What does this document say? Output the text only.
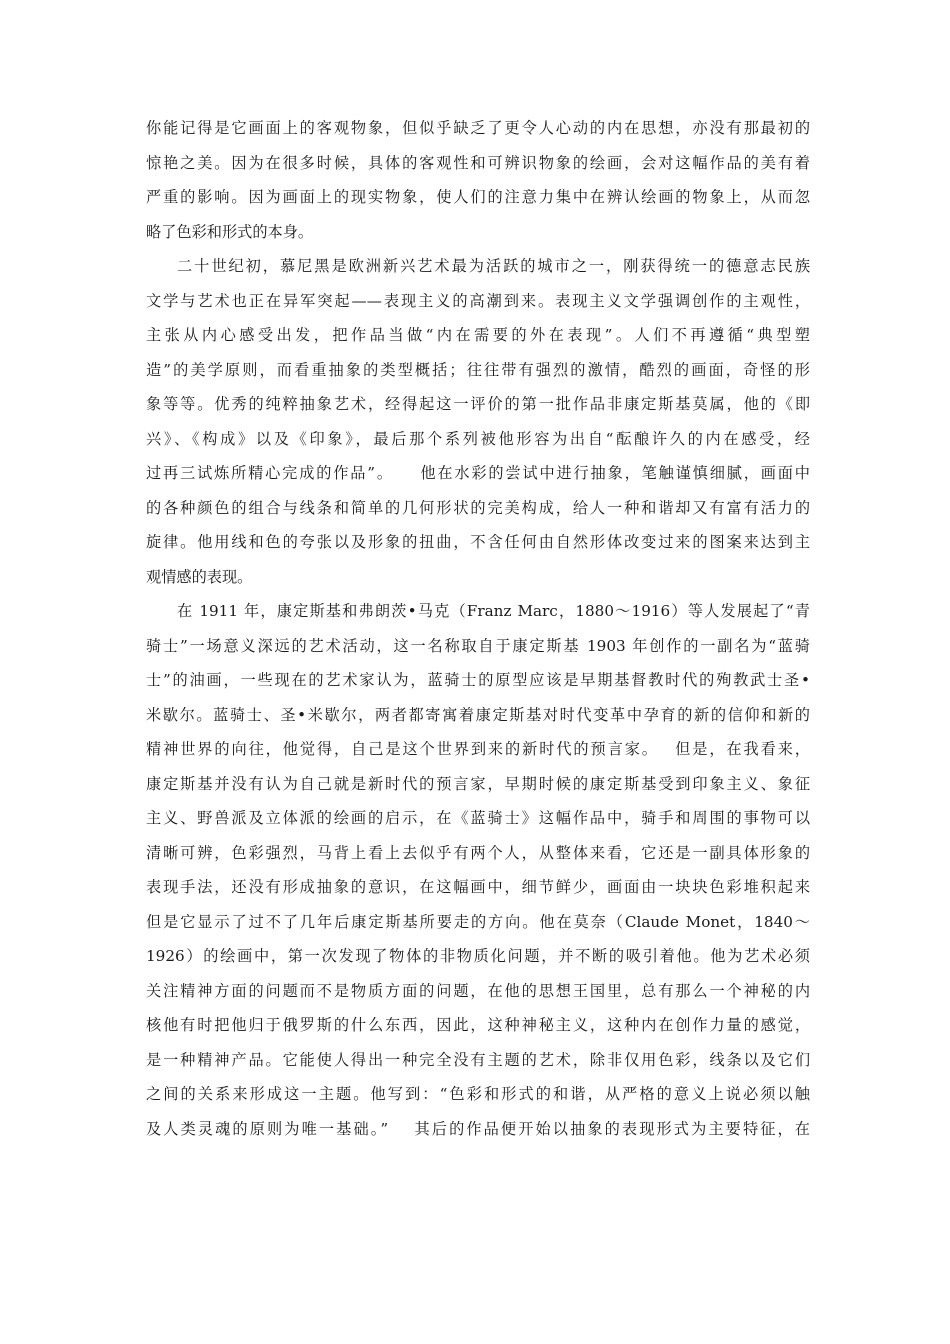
你能记得是它画面上的客观物象，但似乎缺乏了更令人心动的内在思想，亦没有那最初的
惊艳之美。因为在很多时候，具体的客观性和可辨识物象的绘画，会对这幅作品的美有着
严重的影响。因为画面上的现实物象，使人们的注意力集中在辨认绘画的物象上，从而忽
略了色彩和形式的本身。
二十世纪初，慕尼黑是欧洲新兴艺术最为活跃的城市之一，刚获得统一的德意志民族
文学与艺术也正在异军突起——表现主义的高潮到来。表现主义文学强调创作的主观性，
主张从内心感受出发，把作品当做“内在需要的外在表现”。人们不再遵循“典型塑
造”的美学原则，而看重抽象的类型概括；往往带有强烈的激情，酷烈的画面，奇怪的形
象等等。优秀的纯粹抽象艺术，经得起这一评价的第一批作品非康定斯基莫属，他的《即
兴》、《构成》以及《印象》，最后那个系列被他形容为出自“酝酿许久的内在感受，经
过再三试炼所精心完成的作品”。　　他在水彩的尝试中进行抽象，笔触谨慎细腻，画面中
的各种颜色的组合与线条和简单的几何形状的完美构成，给人一种和谐却又有富有活力的
旋律。他用线和色的夸张以及形象的扭曲，不含任何由自然形体改变过来的图案来达到主
观情感的表现。
在 1911 年，康定斯基和弗朗茨•马克（Franz Marc，1880～1916）等人发展起了“青
骑士”一场意义深远的艺术活动，这一名称取自于康定斯基 1903 年创作的一副名为“蓝骑
士”的油画，一些现在的艺术家认为，蓝骑士的原型应该是早期基督教时代的殉教武士圣•
米歇尔。蓝骑士、圣•米歇尔，两者都寄寓着康定斯基对时代变革中孕育的新的信仰和新的
精神世界的向往，他觉得，自己是这个世界到来的新时代的预言家。　 但是，在我看来，
康定斯基并没有认为自己就是新时代的预言家，早期时候的康定斯基受到印象主义、象征
主义、野兽派及立体派的绘画的启示，在《蓝骑士》这幅作品中，骑手和周围的事物可以
清晰可辨，色彩强烈，马背上看上去似乎有两个人，从整体来看，它还是一副具体形象的
表现手法，还没有形成抽象的意识，在这幅画中，细节鲜少，画面由一块块色彩堆积起来
但是它显示了过不了几年后康定斯基所要走的方向。他在莫奈（Claude Monet，1840～
1926）的绘画中，第一次发现了物体的非物质化问题，并不断的吸引着他。他为艺术必须
关注精神方面的问题而不是物质方面的问题，在他的思想王国里，总有那么一个神秘的内
核他有时把他归于俄罗斯的什么东西，因此，这种神秘主义，这种内在创作力量的感觉，
是一种精神产品。它能使人得出一种完全没有主题的艺术，除非仅用色彩，线条以及它们
之间的关系来形成这一主题。他写到：“色彩和形式的和谐，从严格的意义上说必须以触
及人类灵魂的原则为唯一基础。”　 其后的作品便开始以抽象的表现形式为主要特征，在
